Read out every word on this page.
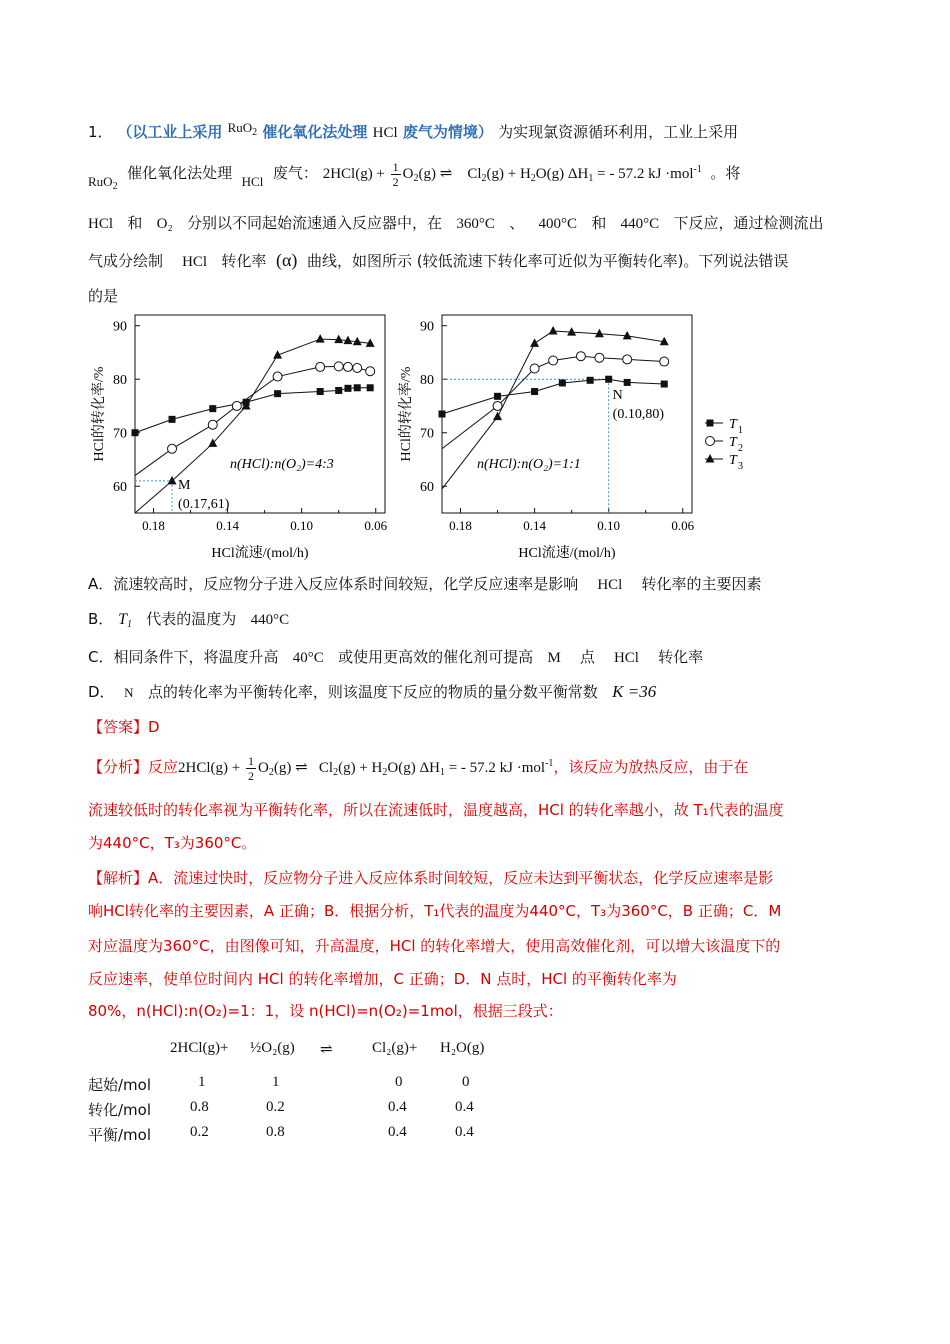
1． （以工业上采用 RuO$_2$ 催化氧化法处理 HCl 废气为情境） 为实现氯资源循环利用，工业上采用
RuO$_2$  催化氧化法处理 HCl 废气： $2HCl(g) + \frac{1}{2} O_2(g)$ ⇌ $Cl_2(g) + H_2O(g) \Delta H_1$ = - 57.2 kJ ·mol$^{-1}$ 。将
HCl 和 O₂ 分别以不同起始流速通入反应器中，在 360°C 、 400°C 和 440°C 下反应，通过检测流出
气成分绘制 HCl 转化率 (α) 曲线，如图所示 (较低流速下转化率可近似为平衡转化率)。下列说法错误
的是
90
80
70
60
0.18	0.14	0.10	0.06
HCl的转化率/%
HCl流速/(mol/h)
M
(0.17,61)
n(HCl):n(O₂)=4:3
90
80
70
60
0.18	0.14	0.10	0.06
HCl的转化率/%
HCl流速/(mol/h)
N
(0.10,80)
n(HCl):n(O₂)=1:1
T 1
T 2
T 3
A．流速较高时，反应物分子进入反应体系时间较短，化学反应速率是影响 HCl 转化率的主要因素
B． $T_1$ 代表的温度为 440°C
C．相同条件下，将温度升高 40°C 或使用更高效的催化剂可提高 M 点 HCl 转化率
D． N 点的转化率为平衡转化率，则该温度下反应的物质的量分数平衡常数 K =36
【答案】D
【分析】反应$2HCl(g) + \frac{1}{2} O_2(g)$ ⇌ $Cl_2(g) + H_2O(g) \Delta H_1$ = - 57.2 kJ ·mol$^{-1}$，该反应为放热反应，由于在
流速较低时的转化率视为平衡转化率，所以在流速低时，温度越高，HCl 的转化率越小，故 T₁代表的温度
为440°C，T₃为360°C。
【解析】A．流速过快时，反应物分子进入反应体系时间较短，反应未达到平衡状态，化学反应速率是影
响HCl转化率的主要因素，A 正确；B．根据分析，T₁代表的温度为440°C，T₃为360°C，B 正确；C．M
对应温度为360°C，由图像可知，升高温度，HCl 的转化率增大，使用高效催化剂，可以增大该温度下的
反应速率，使单位时间内 HCl 的转化率增加，C 正确；D．N 点时，HCl 的平衡转化率为
80%，n(HCl):n(O₂)=1：1，设 n(HCl)=n(O₂)=1mol，根据三段式：
2HCl(g)+ ½O₂(g) ⇌	Cl₂(g)+ H₂O(g)
起始/mol	1	1	0	0
转化/mol	0.8	0.2	0.4	0.4
平衡/mol	0.2	0.8	0.4	0.4
